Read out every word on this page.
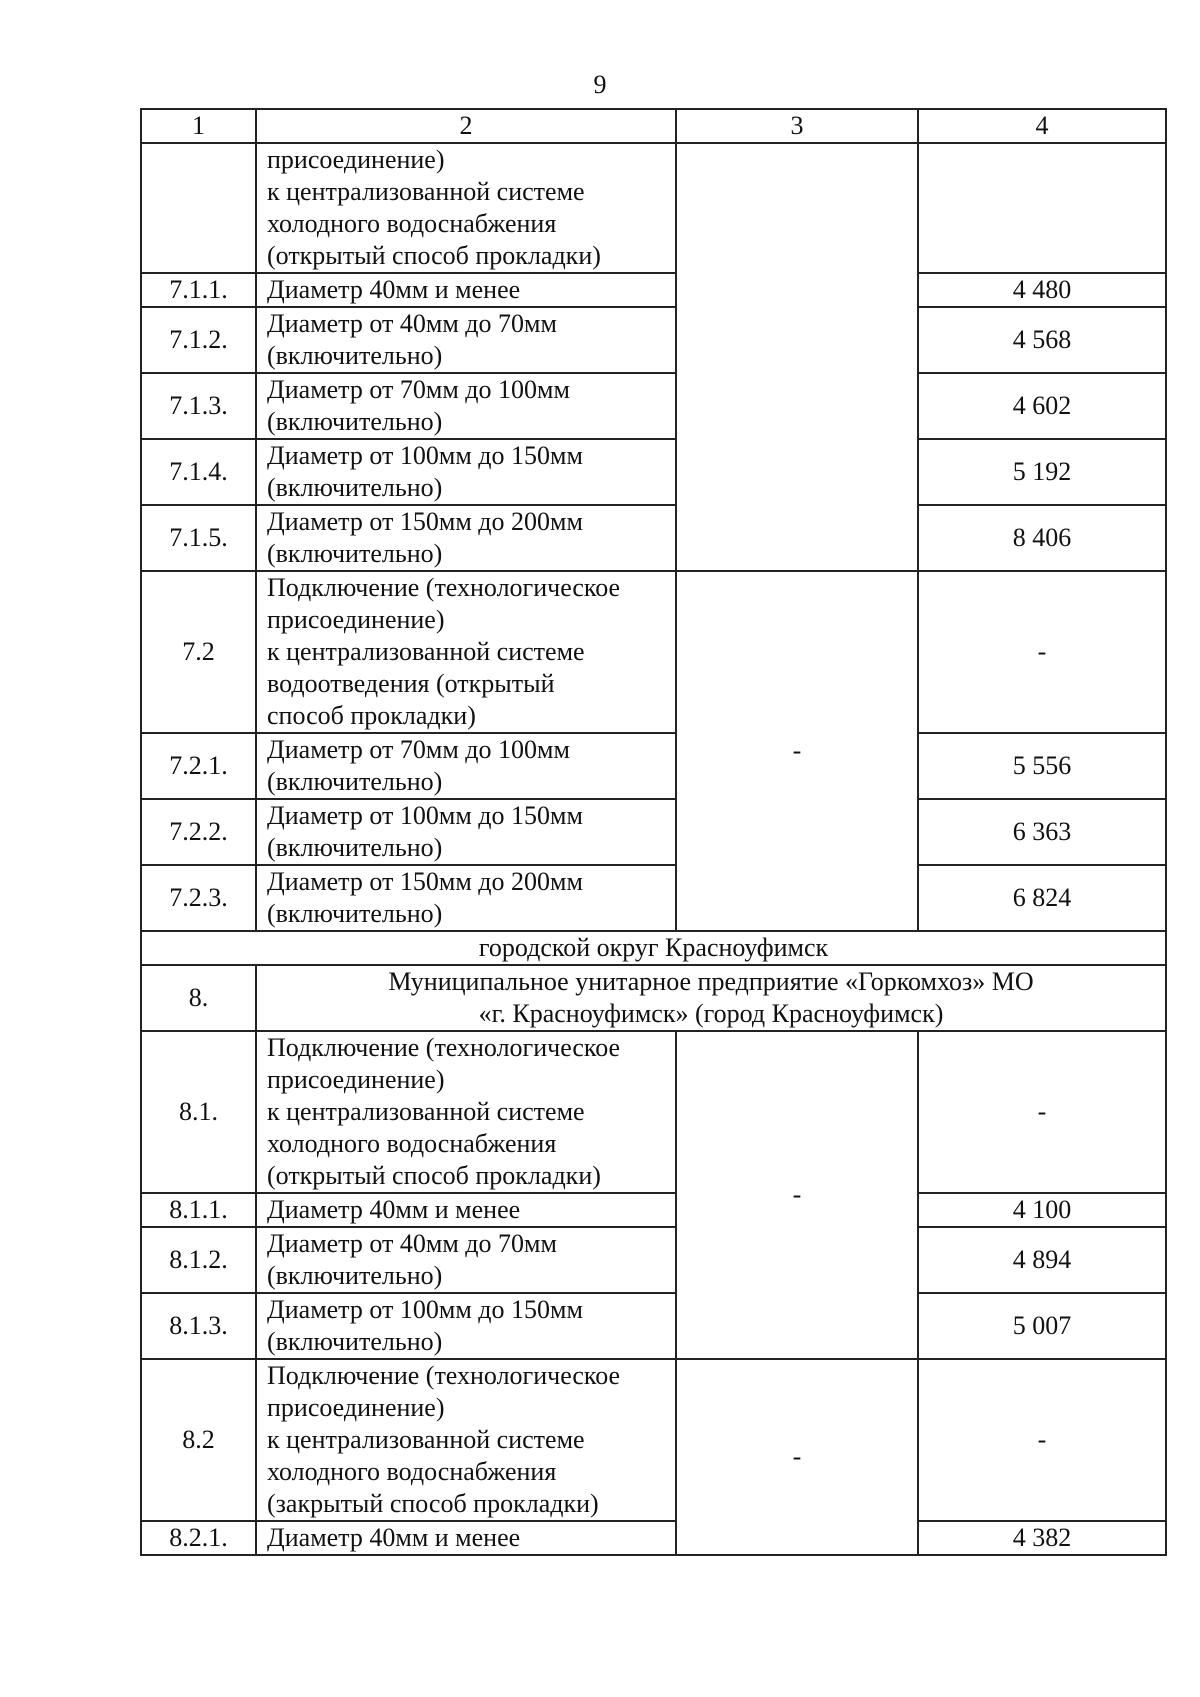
9
1	2	3	4
	присоединение)
к централизованной системе
холодного водоснабжения
(открытый способ прокладки)		
7.1.1.	Диаметр 40мм и менее		4 480
7.1.2.	Диаметр от 40мм до 70мм
(включительно)		4 568
7.1.3.	Диаметр от 70мм до 100мм
(включительно)		4 602
7.1.4.	Диаметр от 100мм до 150мм
(включительно)		5 192
7.1.5.	Диаметр от 150мм до 200мм
(включительно)		8 406
7.2	Подключение (технологическое
присоединение)
к централизованной системе
водоотведения (открытый
способ прокладки)	-	-
7.2.1.	Диаметр от 70мм до 100мм
(включительно)		5 556
7.2.2.	Диаметр от 100мм до 150мм
(включительно)		6 363
7.2.3.	Диаметр от 150мм до 200мм
(включительно)		6 824
городской округ Красноуфимск			
8.	Муниципальное унитарное предприятие «Горкомхоз» МО
«г. Красноуфимск» (город Красноуфимск)		
8.1.	Подключение (технологическое
присоединение)
к централизованной системе
холодного водоснабжения
(открытый способ прокладки)	-	-
8.1.1.	Диаметр 40мм и менее		4 100
8.1.2.	Диаметр от 40мм до 70мм
(включительно)		4 894
8.1.3.	Диаметр от 100мм до 150мм
(включительно)		5 007
8.2	Подключение (технологическое
присоединение)
к централизованной системе
холодного водоснабжения
(закрытый способ прокладки)	-	-
8.2.1.	Диаметр 40мм и менее		4 382
